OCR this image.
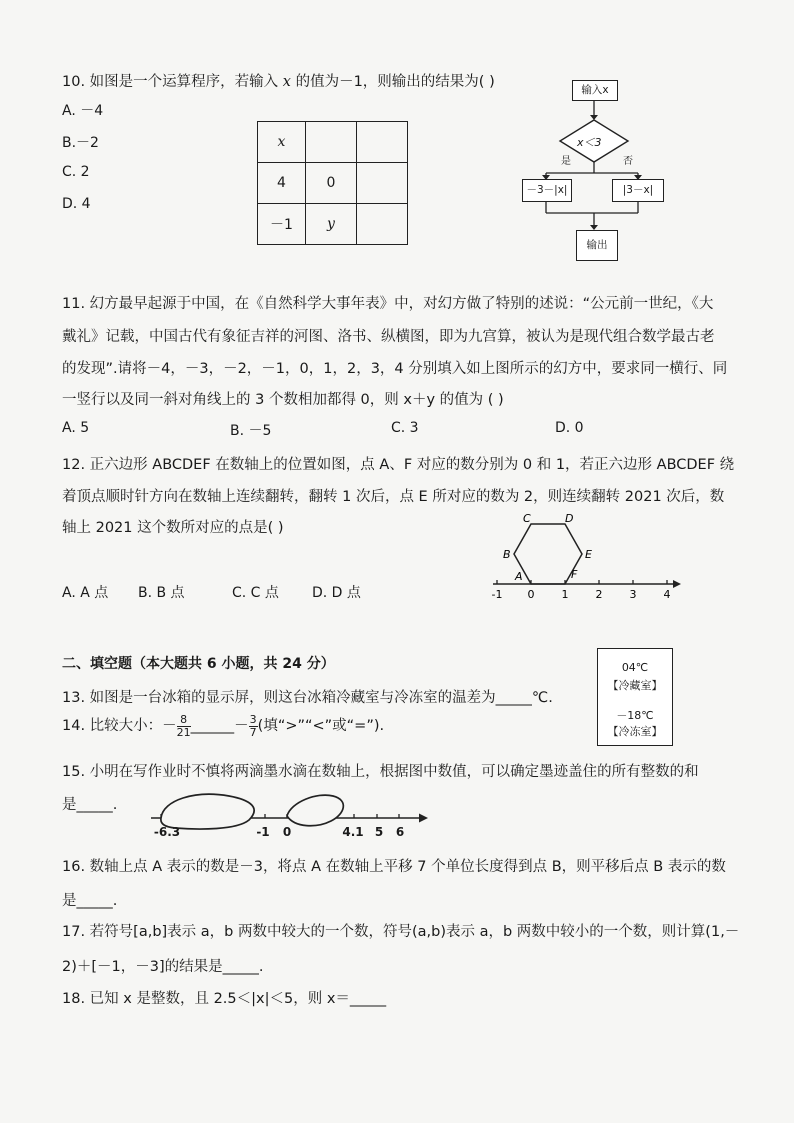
10. 如图是一个运算程序，若输入 x 的值为－1，则输出的结果为( )
A. －4
B.－2
C. 2
D. 4
x		
4	0	
－1	y	
输入x
x＜3
是	否
－3－|x|	|3－x|
输出
11. 幻方最早起源于中国，在《自然科学大事年表》中，对幻方做了特别的述说：“公元前一世纪，《大
戴礼》记载，中国古代有象征吉祥的河图、洛书、纵横图，即为九宫算，被认为是现代组合数学最古老
的发现”.请将－4，－3，－2，－1，0，1，2，3，4 分别填入如上图所示的幻方中，要求同一横行、同
一竖行以及同一斜对角线上的 3 个数相加都得 0，则 x＋y 的值为 ( )
A. 5	B. －5	C. 3	D. 0
12. 正六边形 ABCDEF 在数轴上的位置如图，点 A、F 对应的数分别为 0 和 1，若正六边形 ABCDEF 绕
着顶点顺时针方向在数轴上连续翻转，翻转 1 次后，点 E 所对应的数为 2，则连续翻转 2021 次后，数
轴上 2021 这个数所对应的点是( )
A. A 点 B. B 点	C. C 点 D. D 点	-1 0 1 2 3 4
A
B
C	D
E
F
二、填空题（本大题共 6 小题，共 24 分）	04℃
【冷藏室】
－18℃
【冷冻室】
13. 如图是一台冰箱的显示屏，则这台冰箱冷藏室与冷冻室的温差为_____℃.
14. 比较大小：－ $\frac{8}{21}$ ______－ $\frac{3}{7}$ (填“>”“<”或“=”).
15. 小明在写作业时不慎将两滴墨水滴在数轴上，根据图中数值，可以确定墨迹盖住的所有整数的和
是_____.
-6.3	-1 0	4.1 5 6
16. 数轴上点 A 表示的数是－3，将点 A 在数轴上平移 7 个单位长度得到点 B，则平移后点 B 表示的数
是_____.
17. 若符号[a,b]表示 a，b 两数中较大的一个数，符号(a,b)表示 a，b 两数中较小的一个数，则计算(1,－
2)＋[－1，－3]的结果是_____.
18. 已知 x 是整数，且 2.5＜|x|＜5，则 x＝_____
